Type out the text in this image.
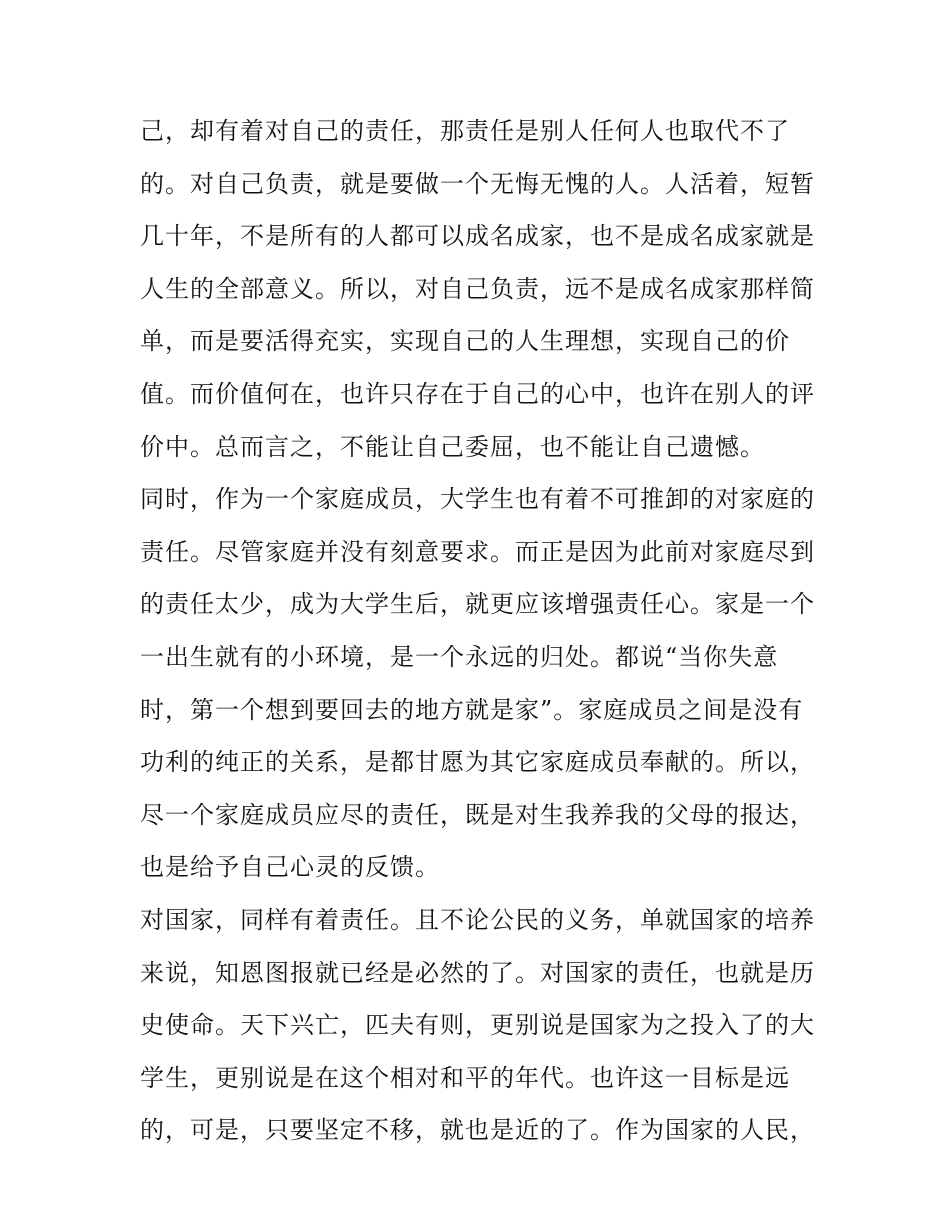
己，却有着对自己的责任，那责任是别人任何人也取代不了
的。对自己负责，就是要做一个无悔无愧的人。人活着，短暂
几十年，不是所有的人都可以成名成家，也不是成名成家就是
人生的全部意义。所以，对自己负责，远不是成名成家那样简
单，而是要活得充实，实现自己的人生理想，实现自己的价
值。而价值何在，也许只存在于自己的心中，也许在别人的评
价中。总而言之，不能让自己委屈，也不能让自己遗憾。
同时，作为一个家庭成员，大学生也有着不可推卸的对家庭的
责任。尽管家庭并没有刻意要求。而正是因为此前对家庭尽到
的责任太少，成为大学生后，就更应该增强责任心。家是一个
一出生就有的小环境，是一个永远的归处。都说“当你失意
时，第一个想到要回去的地方就是家”。家庭成员之间是没有
功利的纯正的关系，是都甘愿为其它家庭成员奉献的。所以，
尽一个家庭成员应尽的责任，既是对生我养我的父母的报达，
也是给予自己心灵的反馈。
对国家，同样有着责任。且不论公民的义务，单就国家的培养
来说，知恩图报就已经是必然的了。对国家的责任，也就是历
史使命。天下兴亡，匹夫有则，更别说是国家为之投入了的大
学生，更别说是在这个相对和平的年代。也许这一目标是远
的，可是，只要坚定不移，就也是近的了。作为国家的人民，
